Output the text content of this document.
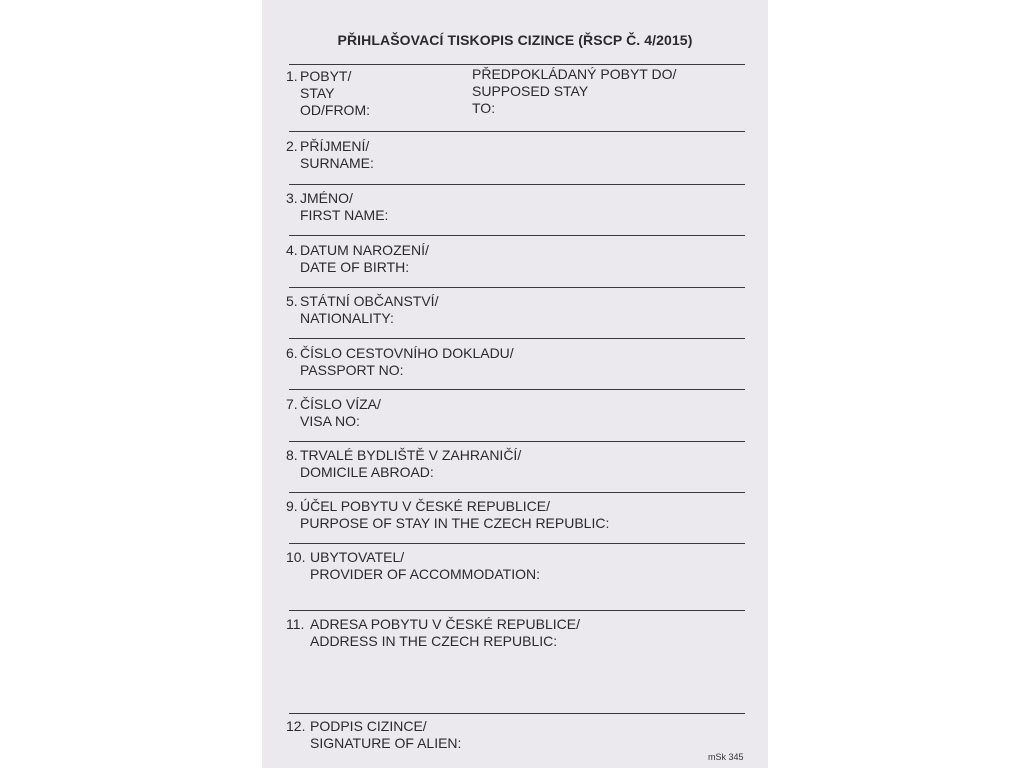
PŘIHLAŠOVACÍ TISKOPIS CIZINCE (ŘSCP Č. 4/2015)
1. POBYT/
STAY
OD/FROM:
PŘEDPOKLÁDANÝ POBYT DO/
SUPPOSED STAY
TO:
2. PŘÍJMENÍ/
SURNAME:
3. JMÉNO/
FIRST NAME:
4. DATUM NAROZENÍ/
DATE OF BIRTH:
5. STÁTNÍ OBČANSTVÍ/
NATIONALITY:
6. ČÍSLO CESTOVNÍHO DOKLADU/
PASSPORT NO:
7. ČÍSLO VÍZA/
VISA NO:
8. TRVALÉ BYDLIŠTĚ V ZAHRANIČÍ/
DOMICILE ABROAD:
9. ÚČEL POBYTU V ČESKÉ REPUBLICE/
PURPOSE OF STAY IN THE CZECH REPUBLIC:
10. UBYTOVATEL/
PROVIDER OF ACCOMMODATION:
11. ADRESA POBYTU V ČESKÉ REPUBLICE/
ADDRESS IN THE CZECH REPUBLIC:
12. PODPIS CIZINCE/
SIGNATURE OF ALIEN:
mSk 345
